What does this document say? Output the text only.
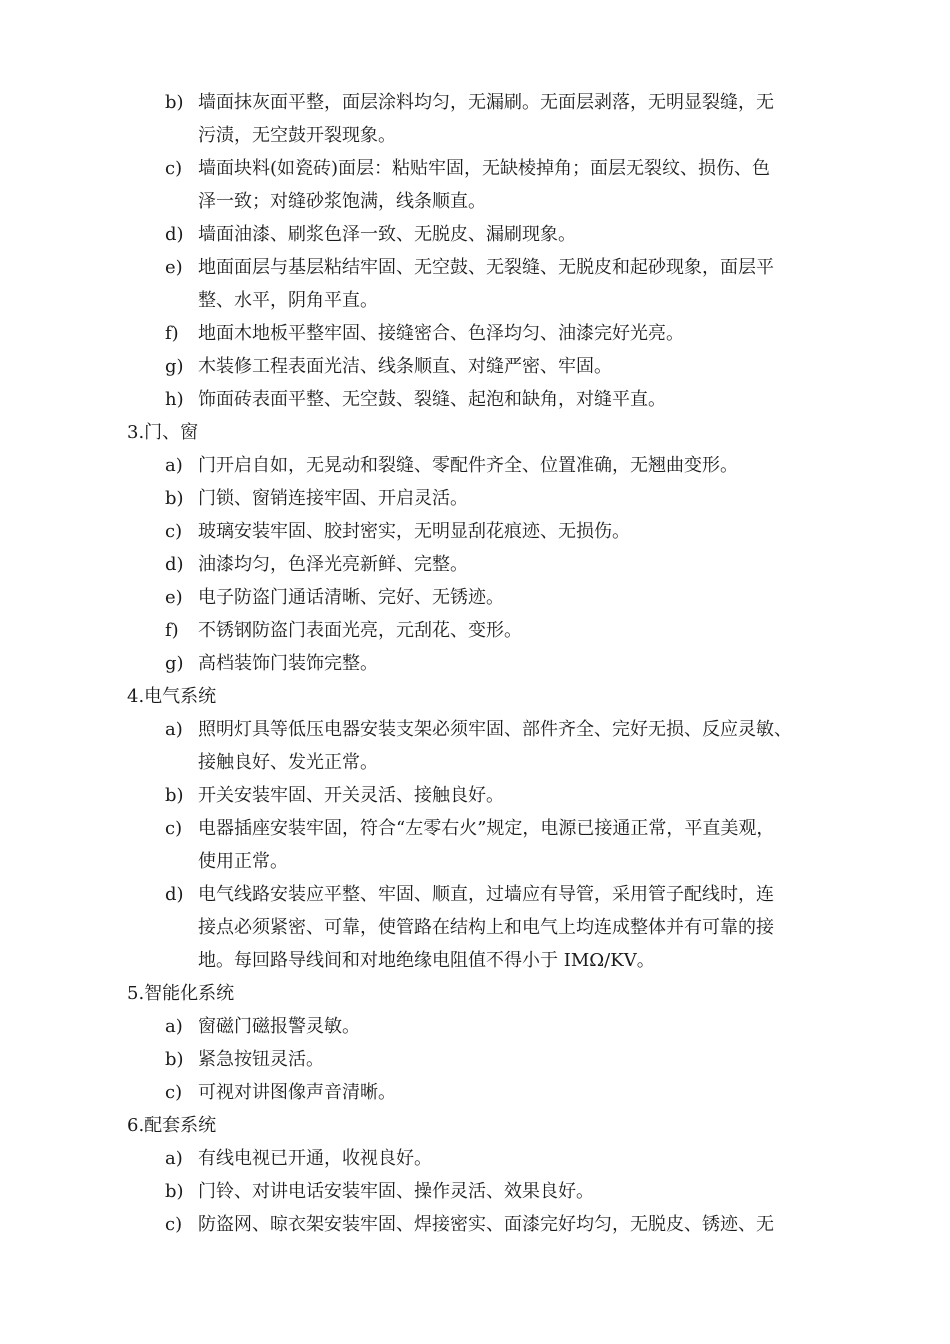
b) 墙面抹灰面平整，面层涂料均匀，无漏刷。无面层剥落，无明显裂缝，无
污渍，无空鼓开裂现象。
c) 墙面块料(如瓷砖)面层：粘贴牢固，无缺棱掉角；面层无裂纹、损伤、色
泽一致；对缝砂浆饱满，线条顺直。
d) 墙面油漆、刷浆色泽一致、无脱皮、漏刷现象。
e) 地面面层与基层粘结牢固、无空鼓、无裂缝、无脱皮和起砂现象，面层平
整、水平，阴角平直。
f) 地面木地板平整牢固、接缝密合、色泽均匀、油漆完好光亮。
g) 木装修工程表面光洁、线条顺直、对缝严密、牢固。
h) 饰面砖表面平整、无空鼓、裂缝、起泡和缺角，对缝平直。
3.门、窗
a) 门开启自如，无晃动和裂缝、零配件齐全、位置准确，无翘曲变形。
b) 门锁、窗销连接牢固、开启灵活。
c) 玻璃安装牢固、胶封密实，无明显刮花痕迹、无损伤。
d) 油漆均匀，色泽光亮新鲜、完整。
e) 电子防盗门通话清晰、完好、无锈迹。
f) 不锈钢防盗门表面光亮，元刮花、变形。
g) 高档装饰门装饰完整。
4.电气系统
a) 照明灯具等低压电器安装支架必须牢固、部件齐全、完好无损、反应灵敏、
接触良好、发光正常。
b) 开关安装牢固、开关灵活、接触良好。
c) 电器插座安装牢固，符合“左零右火”规定，电源已接通正常，平直美观，
使用正常。
d) 电气线路安装应平整、牢固、顺直，过墙应有导管，采用管子配线时，连
接点必须紧密、可靠，使管路在结构上和电气上均连成整体并有可靠的接
地。每回路导线间和对地绝缘电阻值不得小于 IMΩ/KV。
5.智能化系统
a) 窗磁门磁报警灵敏。
b) 紧急按钮灵活。
c) 可视对讲图像声音清晰。
6.配套系统
a) 有线电视已开通，收视良好。
b) 门铃、对讲电话安装牢固、操作灵活、效果良好。
c) 防盗网、晾衣架安装牢固、焊接密实、面漆完好均匀，无脱皮、锈迹、无
